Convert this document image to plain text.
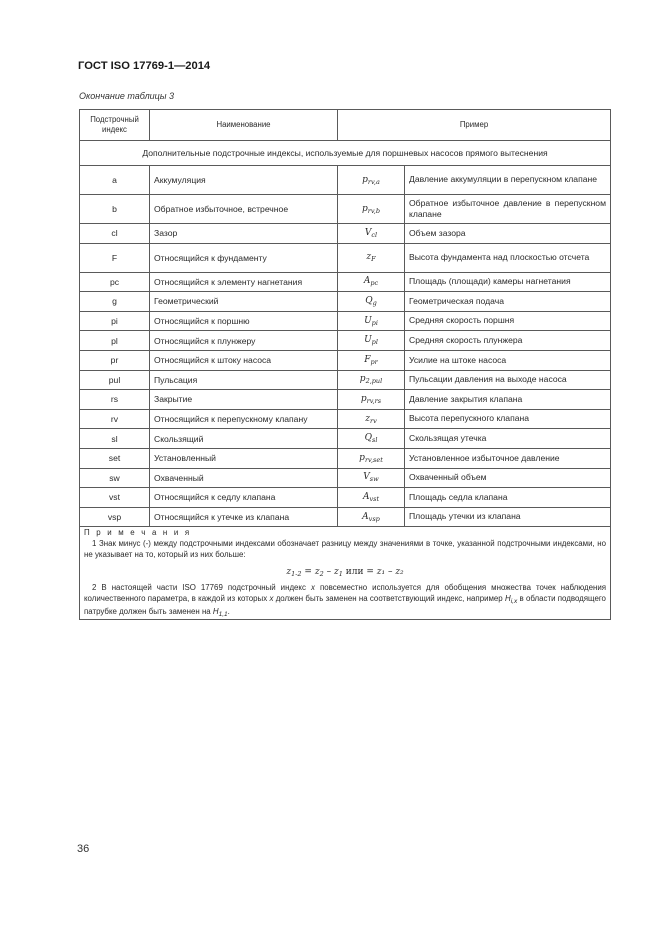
ГОСТ ISO 17769-1—2014
Окончание таблицы 3
Подстрочный индекс	Наименование	Пример	
Дополнительные подстрочные индексы, используемые для поршневых насосов прямого вытеснения			
a	Аккумуляция	$p_{rv,a}$	Давление аккумуляции в перепускном клапане
b	Обратное избыточное, встречное	$p_{rv,b}$	Обратное избыточное давление в перепускном клапане
cl	Зазор	$V_{cl}$	Объем зазора
F	Относящийся к фундаменту	$z_F$	Высота фундамента над плоскостью отсчета
pc	Относящийся к элементу нагнетания	$A_{pc}$	Площадь (площади) камеры нагнетания
g	Геометрический	$Q_g$	Геометрическая подача
pi	Относящийся к поршню	$U_{pi}$	Средняя скорость поршня
pl	Относящийся к плунжеру	$U_{pl}$	Средняя скорость плунжера
pr	Относящийся к штоку насоса	$F_{pr}$	Усилие на штоке насоса
pul	Пульсация	$p_{2,pul}$	Пульсации давления на выходе насоса
rs	Закрытие	$p_{rv,rs}$	Давление закрытия клапана
rv	Относящийся к перепускному клапану	$z_{rv}$	Высота перепускного клапана
sl	Скользящий	$Q_{sl}$	Скользящая утечка
set	Установленный	$p_{rv,set}$	Установленное избыточное давление
sw	Охваченный	$V_{sw}$	Охваченный объем
vst	Относящийся к седлу клапана	$A_{vst}$	Площадь седла клапана
vsp	Относящийся к утечке из клапана	$A_{vsp}$	Площадь утечки из клапана

П р и м е ч а н и я
1 Знак минус (-) между подстрочными индексами обозначает разницу между значениями в точке, указанной подстрочными индексами, но не указывает на то, который из них больше:
$z_{1-2} = z_2 - z_1$ или = z₁ – z₂
2 В настоящей части ISO 17769 подстрочный индекс x повсеместно используется для обобщения множества точек наблюдения количественного параметра, в каждой из которых x должен быть заменен на соответствующий индекс, например $H_{i,x}$ в области подводящего патрубке должен быть заменен на $H_{1,1}$.			
36
